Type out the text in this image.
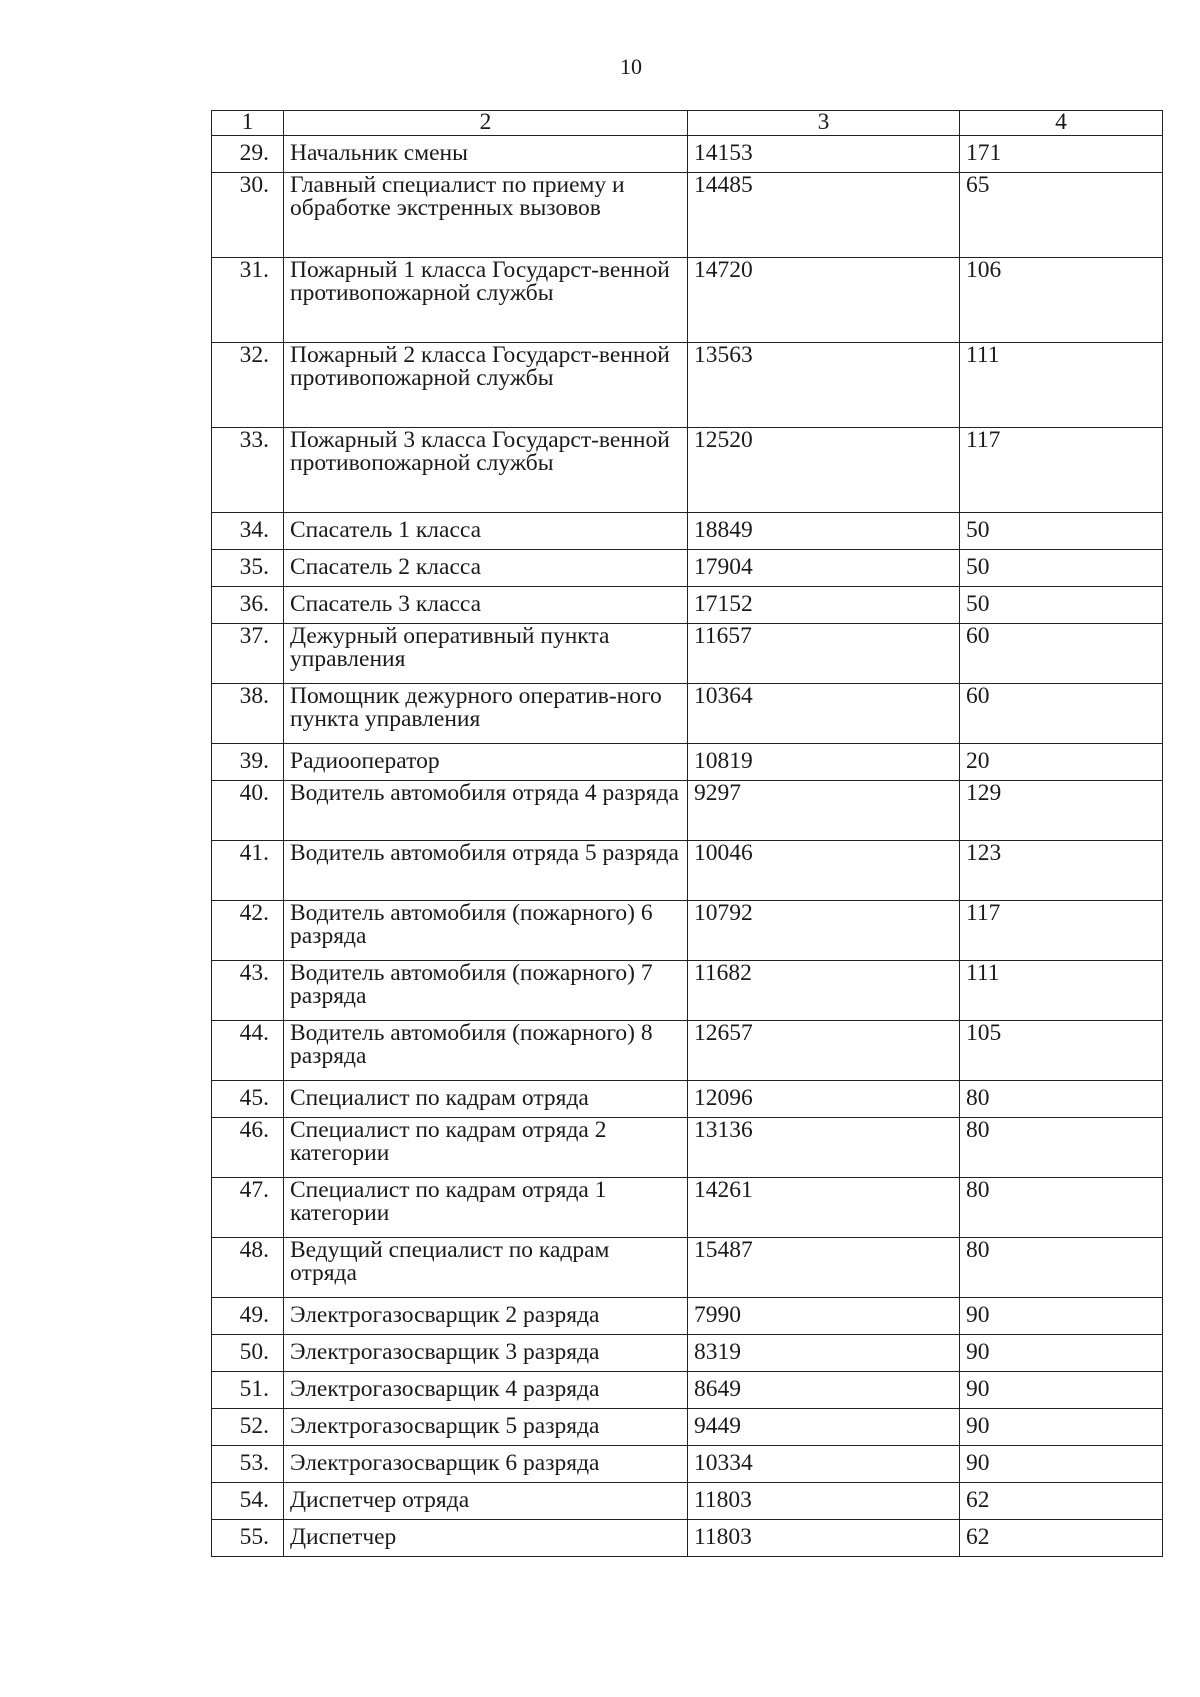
10
1	2	3	4
29.	Начальник смены	14153	171
30.	Главный специалист по приему и обработке экстренных вызовов	14485	65
31.	Пожарный 1 класса Государст-венной противопожарной службы	14720	106
32.	Пожарный 2 класса Государст-венной противопожарной службы	13563	111
33.	Пожарный 3 класса Государст-венной противопожарной службы	12520	117
34.	Спасатель 1 класса	18849	50
35.	Спасатель 2 класса	17904	50
36.	Спасатель 3 класса	17152	50
37.	Дежурный оперативный пункта управления	11657	60
38.	Помощник дежурного оператив-ного пункта управления	10364	60
39.	Радиооператор	10819	20
40.	Водитель автомобиля отряда 4 разряда	9297	129
41.	Водитель автомобиля отряда 5 разряда	10046	123
42.	Водитель автомобиля (пожарного) 6 разряда	10792	117
43.	Водитель автомобиля (пожарного) 7 разряда	11682	111
44.	Водитель автомобиля (пожарного) 8 разряда	12657	105
45.	Специалист по кадрам отряда	12096	80
46.	Специалист по кадрам отряда 2 категории	13136	80
47.	Специалист по кадрам отряда 1 категории	14261	80
48.	Ведущий специалист по кадрам отряда	15487	80
49.	Электрогазосварщик 2 разряда	7990	90
50.	Электрогазосварщик 3 разряда	8319	90
51.	Электрогазосварщик 4 разряда	8649	90
52.	Электрогазосварщик 5 разряда	9449	90
53.	Электрогазосварщик 6 разряда	10334	90
54.	Диспетчер отряда	11803	62
55.	Диспетчер	11803	62
